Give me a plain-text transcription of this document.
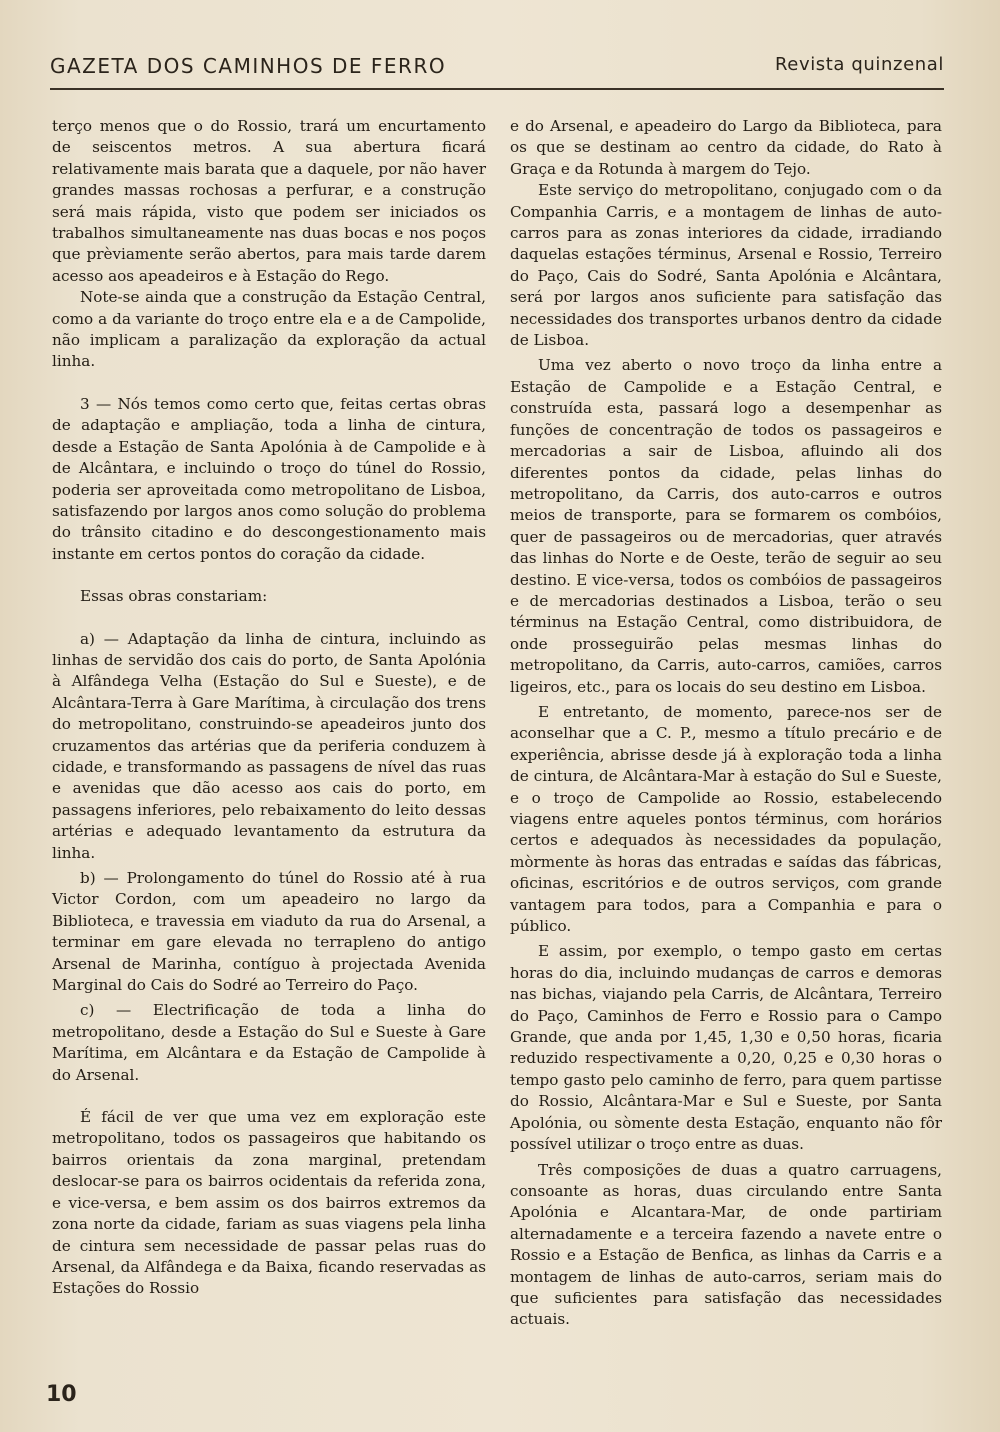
GAZETA DOS CAMINHOS DE FERRO	Revista quinzenal

terço menos que o do Rossio, trará um encurtamento de seiscentos metros. A sua abertura ficará relativamente mais barata que a daquele, por não haver grandes massas rochosas a perfurar, e a construção será mais rápida, visto que podem ser iniciados os trabalhos simultaneamente nas duas bocas e nos poços que prèviamente serão abertos, para mais tarde darem acesso aos apeadeiros e à Estação do Rego.

Note-se ainda que a construção da Estação Central, como a da variante do troço entre ela e a de Campolide, não implicam a paralização da exploração da actual linha.

3 — Nós temos como certo que, feitas certas obras de adaptação e ampliação, toda a linha de cintura, desde a Estação de Santa Apolónia à de Campolide e à de Alcântara, e incluindo o troço do túnel do Rossio, poderia ser aproveitada como metropolitano de Lisboa, satisfazendo por largos anos como solução do problema do trânsito citadino e do descongestionamento mais instante em certos pontos do coração da cidade.

Essas obras constariam:

a) — Adaptação da linha de cintura, incluindo as linhas de servidão dos cais do porto, de Santa Apolónia à Alfândega Velha (Estação do Sul e Sueste), e de Alcântara-Terra à Gare Marítima, à circulação dos trens do metropolitano, construindo-se apeadeiros junto dos cruzamentos das artérias que da periferia conduzem à cidade, e transformando as passagens de nível das ruas e avenidas que dão acesso aos cais do porto, em passagens inferiores, pelo rebaixamento do leito dessas artérias e adequado levantamento da estrutura da linha.

b) — Prolongamento do túnel do Rossio até à rua Victor Cordon, com um apeadeiro no largo da Biblioteca, e travessia em viaduto da rua do Arsenal, a terminar em gare elevada no terrapleno do antigo Arsenal de Marinha, contíguo à projectada Avenida Marginal do Cais do Sodré ao Terreiro do Paço.

c) — Electrificação de toda a linha do metropolitano, desde a Estação do Sul e Sueste à Gare Marítima, em Alcântara e da Estação de Campolide à do Arsenal.

É fácil de ver que uma vez em exploração este metropolitano, todos os passageiros que habitando os bairros orientais da zona marginal, pretendam deslocar-se para os bairros ocidentais da referida zona, e vice-versa, e bem assim os dos bairros extremos da zona norte da cidade, fariam as suas viagens pela linha de cintura sem necessidade de passar pelas ruas do Arsenal, da Alfândega e da Baixa, ficando reservadas as Estações do Rossio

e do Arsenal, e apeadeiro do Largo da Biblioteca, para os que se destinam ao centro da cidade, do Rato à Graça e da Rotunda à margem do Tejo.

Este serviço do metropolitano, conjugado com o da Companhia Carris, e a montagem de linhas de auto-carros para as zonas interiores da cidade, irradiando daquelas estações términus, Arsenal e Rossio, Terreiro do Paço, Cais do Sodré, Santa Apolónia e Alcântara, será por largos anos suficiente para satisfação das necessidades dos transportes urbanos dentro da cidade de Lisboa.

Uma vez aberto o novo troço da linha entre a Estação de Campolide e a Estação Central, e construída esta, passará logo a desempenhar as funções de concentração de todos os passageiros e mercadorias a sair de Lisboa, afluindo ali dos diferentes pontos da cidade, pelas linhas do metropolitano, da Carris, dos auto-carros e outros meios de transporte, para se formarem os combóios, quer de passageiros ou de mercadorias, quer através das linhas do Norte e de Oeste, terão de seguir ao seu destino. E vice-versa, todos os combóios de passageiros e de mercadorias destinados a Lisboa, terão o seu términus na Estação Central, como distribuidora, de onde prosseguirão pelas mesmas linhas do metropolitano, da Carris, auto-carros, camiões, carros ligeiros, etc., para os locais do seu destino em Lisboa.

E entretanto, de momento, parece-nos ser de aconselhar que a C. P., mesmo a título precário e de experiência, abrisse desde já à exploração toda a linha de cintura, de Alcântara-Mar à estação do Sul e Sueste, e o troço de Campolide ao Rossio, estabelecendo viagens entre aqueles pontos términus, com horários certos e adequados às necessidades da população, mòrmente às horas das entradas e saídas das fábricas, oficinas, escritórios e de outros serviços, com grande vantagem para todos, para a Companhia e para o público.

E assim, por exemplo, o tempo gasto em certas horas do dia, incluindo mudanças de carros e demoras nas bichas, viajando pela Carris, de Alcântara, Terreiro do Paço, Caminhos de Ferro e Rossio para o Campo Grande, que anda por 1,45, 1,30 e 0,50 horas, ficaria reduzido respectivamente a 0,20, 0,25 e 0,30 horas o tempo gasto pelo caminho de ferro, para quem partisse do Rossio, Alcântara-Mar e Sul e Sueste, por Santa Apolónia, ou sòmente desta Estação, enquanto não fôr possível utilizar o troço entre as duas.

Três composições de duas a quatro carruagens, consoante as horas, duas circulando entre Santa Apolónia e Alcantara-Mar, de onde partiriam alternadamente e a terceira fazendo a navete entre o Rossio e a Estação de Benfica, as linhas da Carris e a montagem de linhas de auto-carros, seriam mais do que suficientes para satisfação das necessidades actuais.

10
